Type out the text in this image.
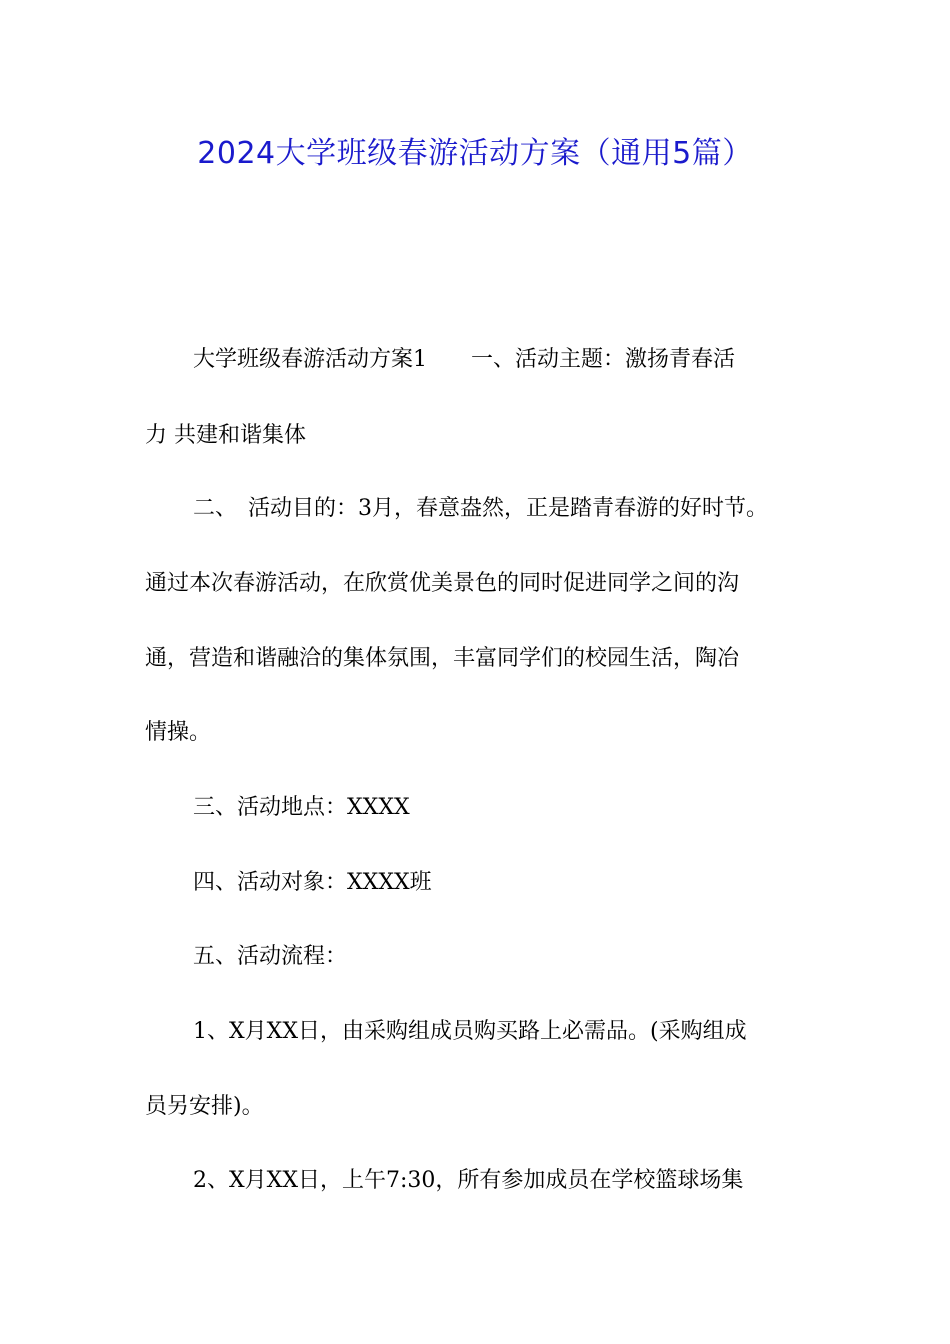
2024大学班级春游活动方案（通用5篇）
大学班级春游活动方案1　　一、活动主题：激扬青春活
力 共建和谐集体
二、　活动目的：3月，春意盎然，正是踏青春游的好时节。
通过本次春游活动，在欣赏优美景色的同时促进同学之间的沟
通，营造和谐融洽的集体氛围，丰富同学们的校园生活，陶冶
情操。
三、活动地点：XXXX
四、活动对象：XXXX班
五、活动流程：
1、X月XX日，由采购组成员购买路上必需品。(采购组成
员另安排)。
2、X月XX日，上午7:30，所有参加成员在学校篮球场集
